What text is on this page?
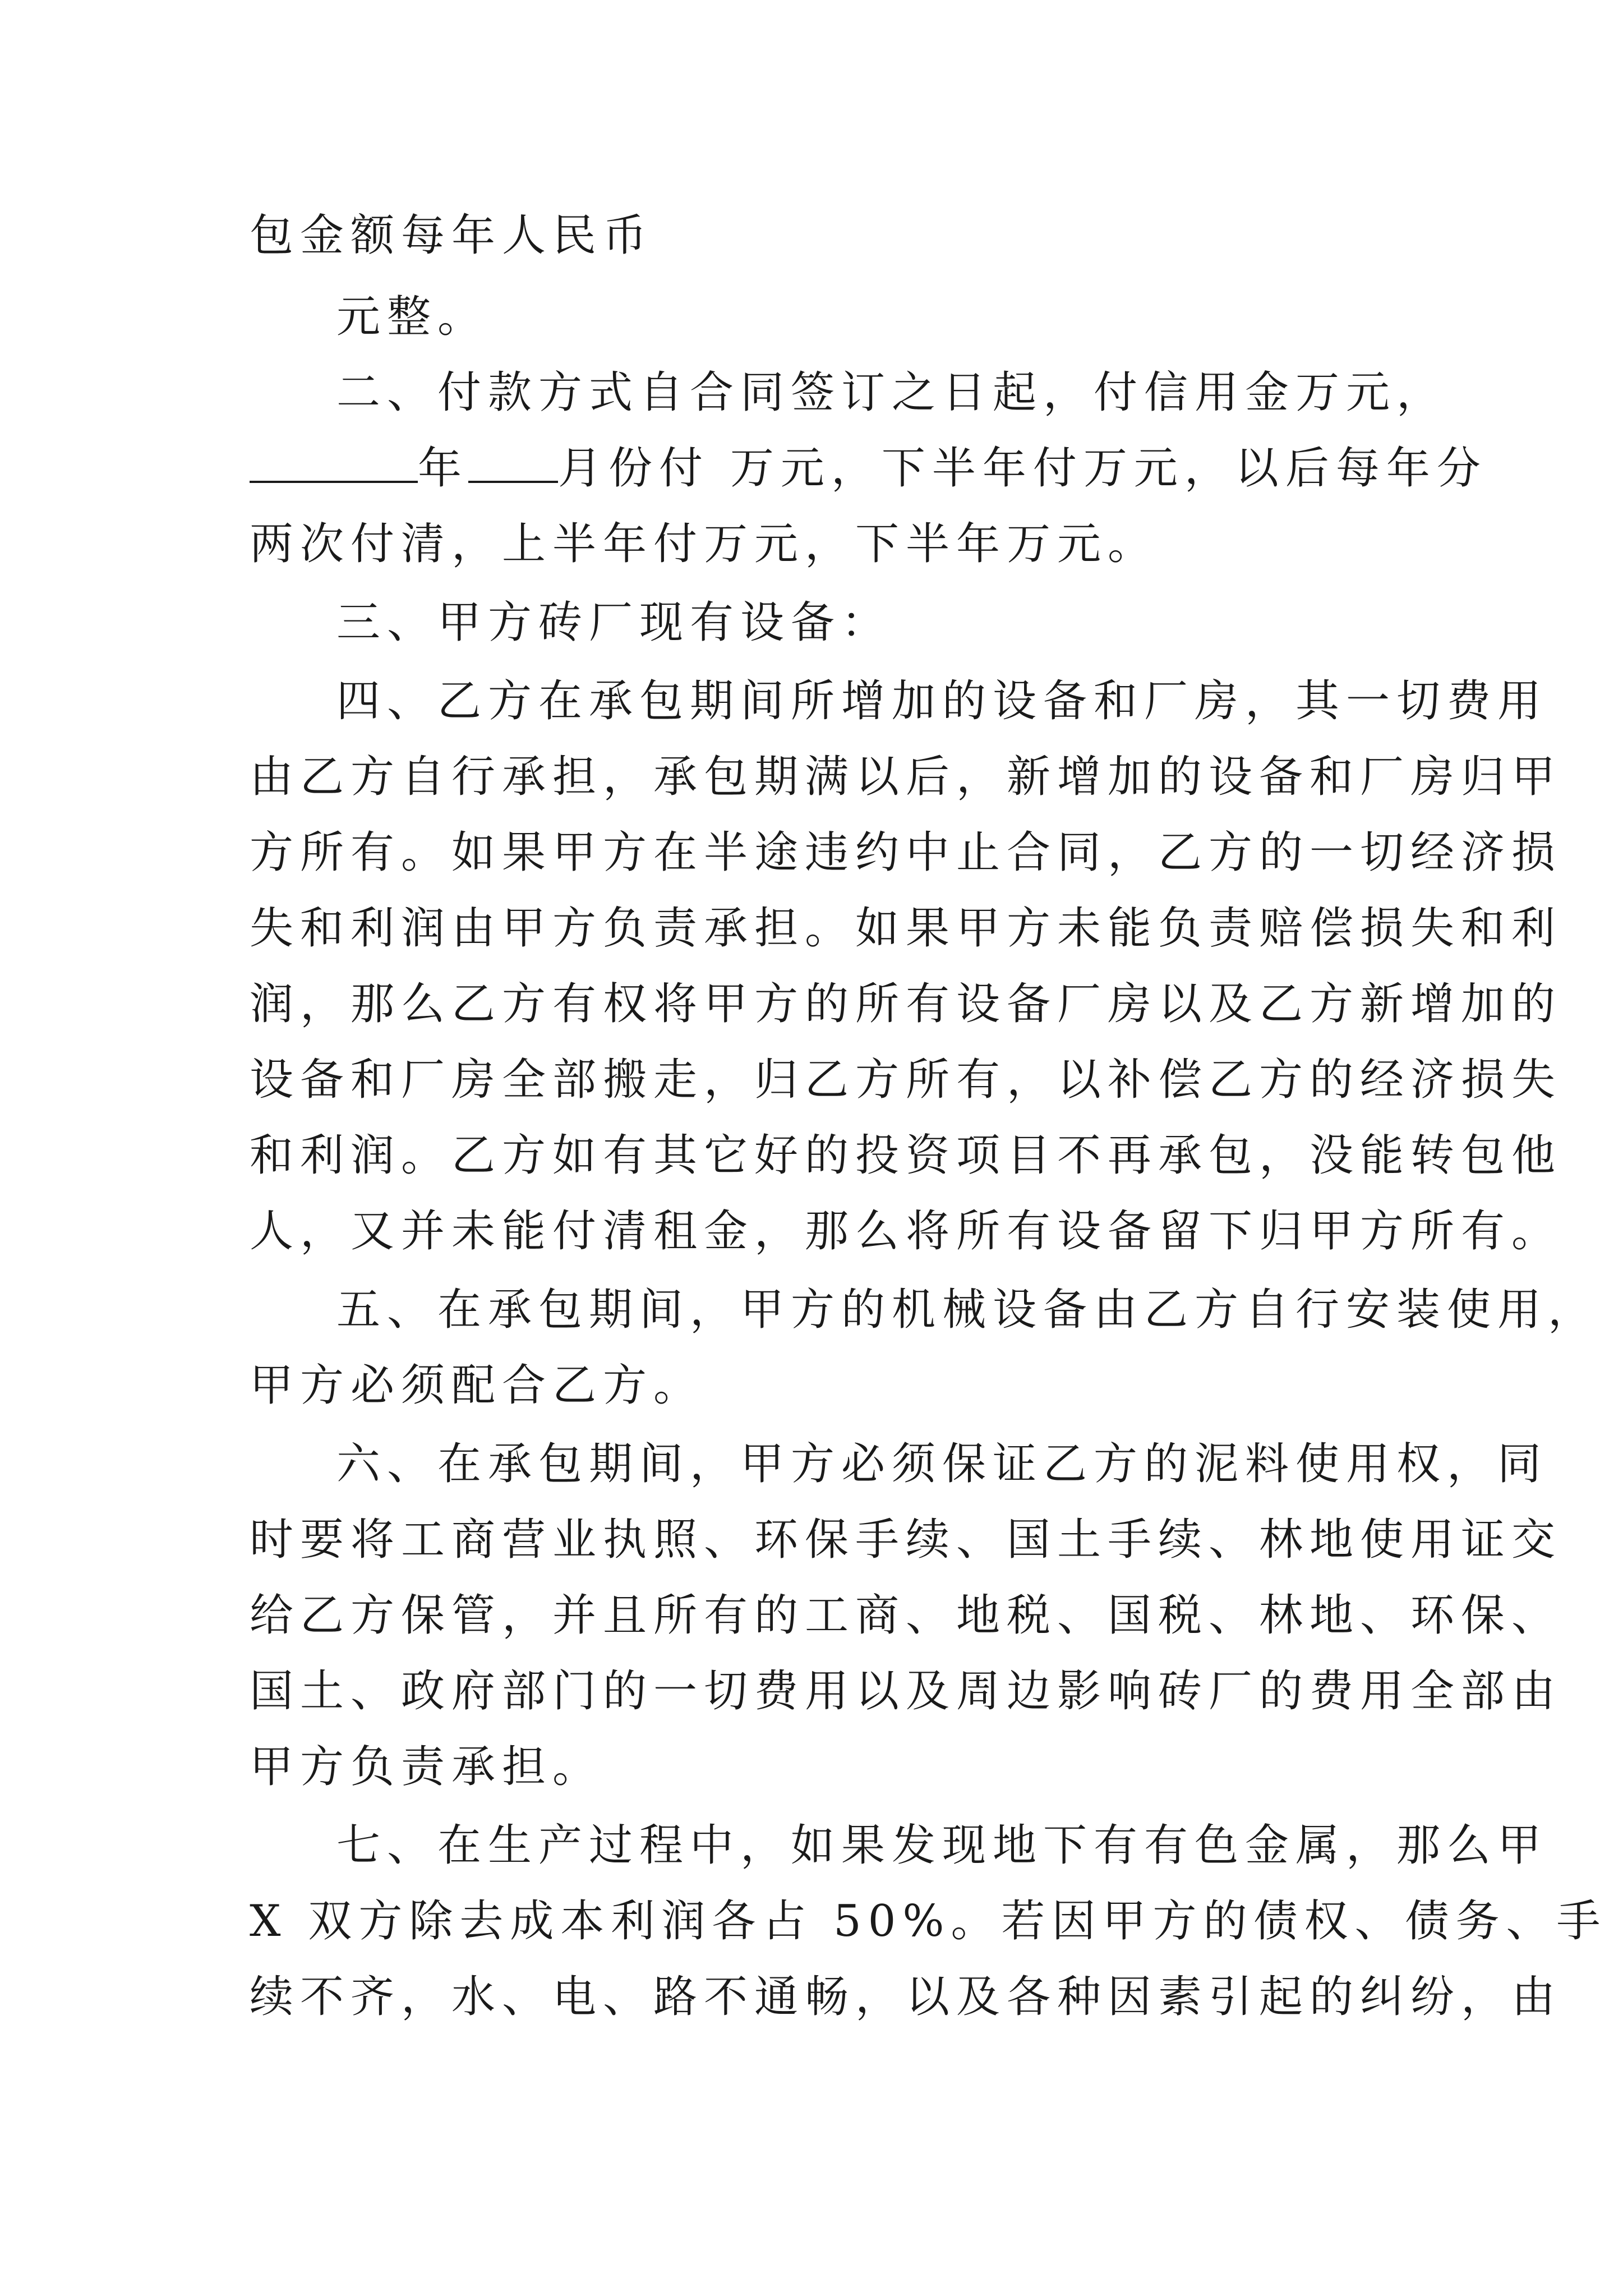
包金额每年人民币
元整。
二、付款方式自合同签订之日起，付信用金万元，
年 月份付 万元，下半年付万元，以后每年分
两次付清，上半年付万元，下半年万元。
三、甲方砖厂现有设备：
四、乙方在承包期间所增加的设备和厂房，其一切费用
由乙方自行承担，承包期满以后，新增加的设备和厂房归甲
方所有。如果甲方在半途违约中止合同，乙方的一切经济损
失和利润由甲方负责承担。如果甲方未能负责赔偿损失和利
润，那么乙方有权将甲方的所有设备厂房以及乙方新增加的
设备和厂房全部搬走，归乙方所有，以补偿乙方的经济损失
和利润。乙方如有其它好的投资项目不再承包，没能转包他
人，又并未能付清租金，那么将所有设备留下归甲方所有。
五、在承包期间，甲方的机械设备由乙方自行安装使用，
甲方必须配合乙方。
六、在承包期间，甲方必须保证乙方的泥料使用权，同
时要将工商营业执照、环保手续、国土手续、林地使用证交
给乙方保管，并且所有的工商、地税、国税、林地、环保、
国土、政府部门的一切费用以及周边影响砖厂的费用全部由
甲方负责承担。
七、在生产过程中，如果发现地下有有色金属，那么甲
X 双方除去成本利润各占 50%。若因甲方的债权、债务、手
续不齐，水、电、路不通畅，以及各种因素引起的纠纷，由
